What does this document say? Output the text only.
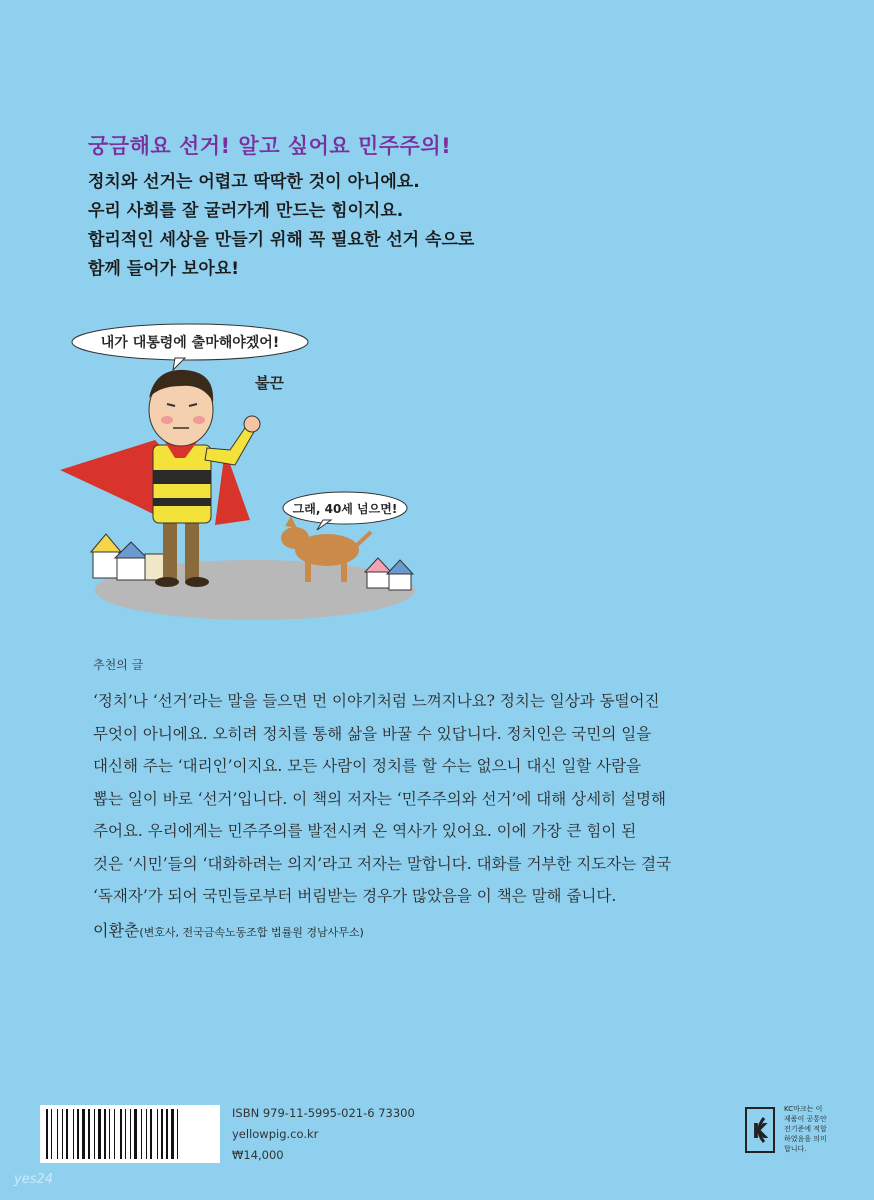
궁금해요 선거! 알고 싶어요 민주주의!
정치와 선거는 어렵고 딱딱한 것이 아니에요.
우리 사회를 잘 굴러가게 만드는 힘이지요.
합리적인 세상을 만들기 위해 꼭 필요한 선거 속으로
함께 들어가 보아요!
내가 대통령에 출마해야겠어!
불끈
그래, 40세 넘으면!
추천의 글
‘정치’나 ‘선거’라는 말을 들으면 먼 이야기처럼 느껴지나요? 정치는 일상과 동떨어진
무엇이 아니에요. 오히려 정치를 통해 삶을 바꿀 수 있답니다. 정치인은 국민의 일을
대신해 주는 ‘대리인’이지요. 모든 사람이 정치를 할 수는 없으니 대신 일할 사람을
뽑는 일이 바로 ‘선거’입니다. 이 책의 저자는 ‘민주주의와 선거’에 대해 상세히 설명해
주어요. 우리에게는 민주주의를 발전시켜 온 역사가 있어요. 이에 가장 큰 힘이 된
것은 ‘시민’들의 ‘대화하려는 의지’라고 저자는 말합니다. 대화를 거부한 지도자는 결국
‘독재자’가 되어 국민들로부터 버림받는 경우가 많았음을 이 책은 말해 줍니다.
이환춘(변호사, 전국금속노동조합 법률원 경남사무소)
ISBN 979-11-5995-021-6 73300
yellowpig.co.kr
₩14,000
K
KC마크는 이
제품이 공통안
전기준에 적합
하였음을 의미
합니다.
yes24
